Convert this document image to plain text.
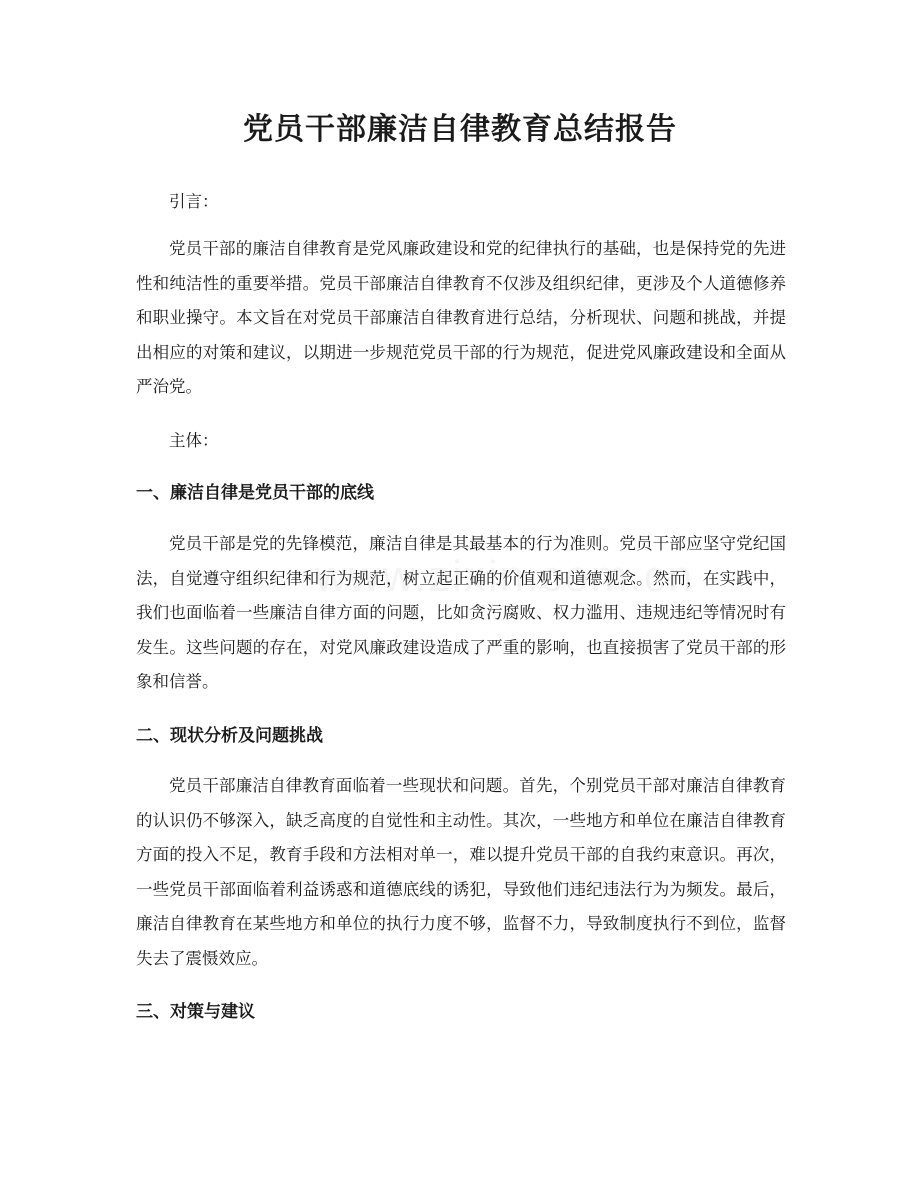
党员干部廉洁自律教育总结报告

引言：

党员干部的廉洁自律教育是党风廉政建设和党的纪律执行的基础，也是保持党的先进性和纯洁性的重要举措。党员干部廉洁自律教育不仅涉及组织纪律，更涉及个人道德修养和职业操守。本文旨在对党员干部廉洁自律教育进行总结，分析现状、问题和挑战，并提出相应的对策和建议，以期进一步规范党员干部的行为规范，促进党风廉政建设和全面从严治党。

主体：

一、廉洁自律是党员干部的底线

党员干部是党的先锋模范，廉洁自律是其最基本的行为准则。党员干部应坚守党纪国法，自觉遵守组织纪律和行为规范，树立起正确的价值观和道德观念。然而，在实践中，我们也面临着一些廉洁自律方面的问题，比如贪污腐败、权力滥用、违规违纪等情况时有发生。这些问题的存在，对党风廉政建设造成了严重的影响，也直接损害了党员干部的形象和信誉。

二、现状分析及问题挑战

党员干部廉洁自律教育面临着一些现状和问题。首先，个别党员干部对廉洁自律教育的认识仍不够深入，缺乏高度的自觉性和主动性。其次，一些地方和单位在廉洁自律教育方面的投入不足，教育手段和方法相对单一，难以提升党员干部的自我约束意识。再次，一些党员干部面临着利益诱惑和道德底线的诱犯，导致他们违纪违法行为为频发。最后，廉洁自律教育在某些地方和单位的执行力度不够，监督不力，导致制度执行不到位，监督失去了震慑效应。

三、对策与建议
